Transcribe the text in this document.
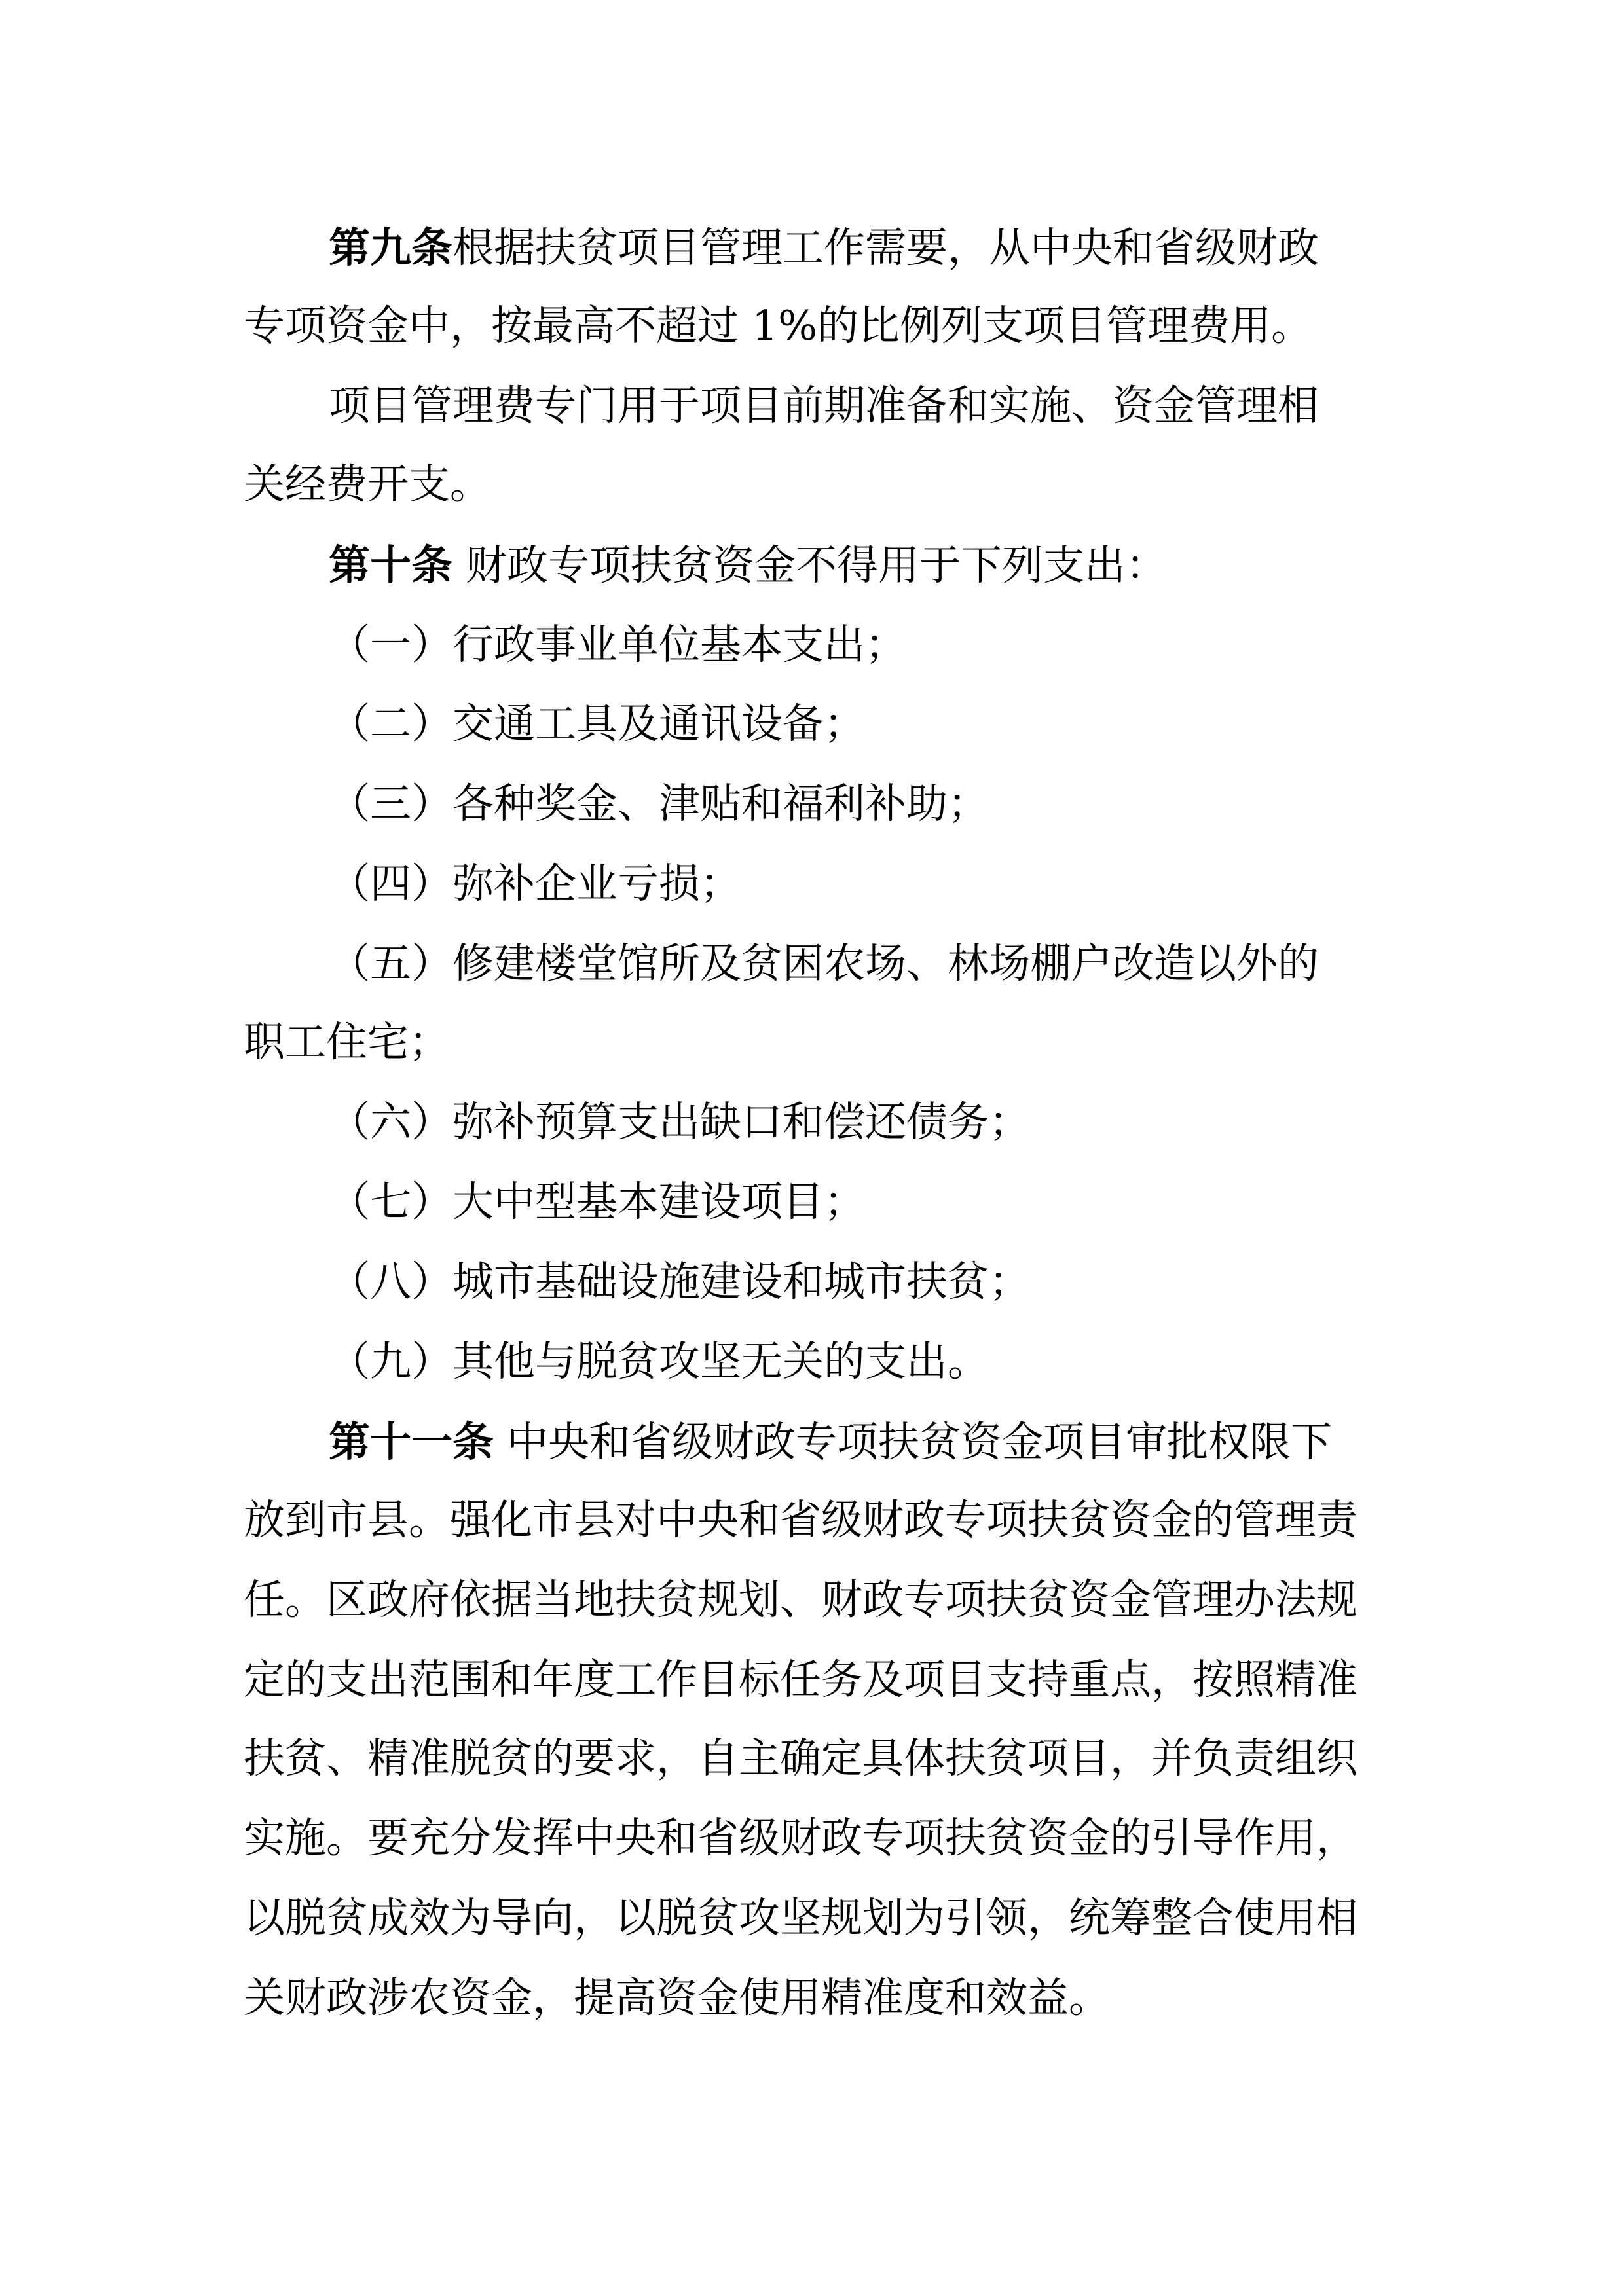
第九条根据扶贫项目管理工作需要，从中央和省级财政

专项资金中，按最高不超过 1%的比例列支项目管理费用。

项目管理费专门用于项目前期准备和实施、资金管理相

关经费开支。

第十条 财政专项扶贫资金不得用于下列支出：

（一）行政事业单位基本支出；

（二）交通工具及通讯设备；

（三）各种奖金、津贴和福利补助；

（四）弥补企业亏损；

（五）修建楼堂馆所及贫困农场、林场棚户改造以外的

职工住宅；

（六）弥补预算支出缺口和偿还债务；

（七）大中型基本建设项目；

（八）城市基础设施建设和城市扶贫；

（九）其他与脱贫攻坚无关的支出。

第十一条 中央和省级财政专项扶贫资金项目审批权限下

放到市县。强化市县对中央和省级财政专项扶贫资金的管理责

任。区政府依据当地扶贫规划、财政专项扶贫资金管理办法规

定的支出范围和年度工作目标任务及项目支持重点，按照精准

扶贫、精准脱贫的要求，自主确定具体扶贫项目，并负责组织

实施。要充分发挥中央和省级财政专项扶贫资金的引导作用，

以脱贫成效为导向，以脱贫攻坚规划为引领，统筹整合使用相

关财政涉农资金，提高资金使用精准度和效益。
